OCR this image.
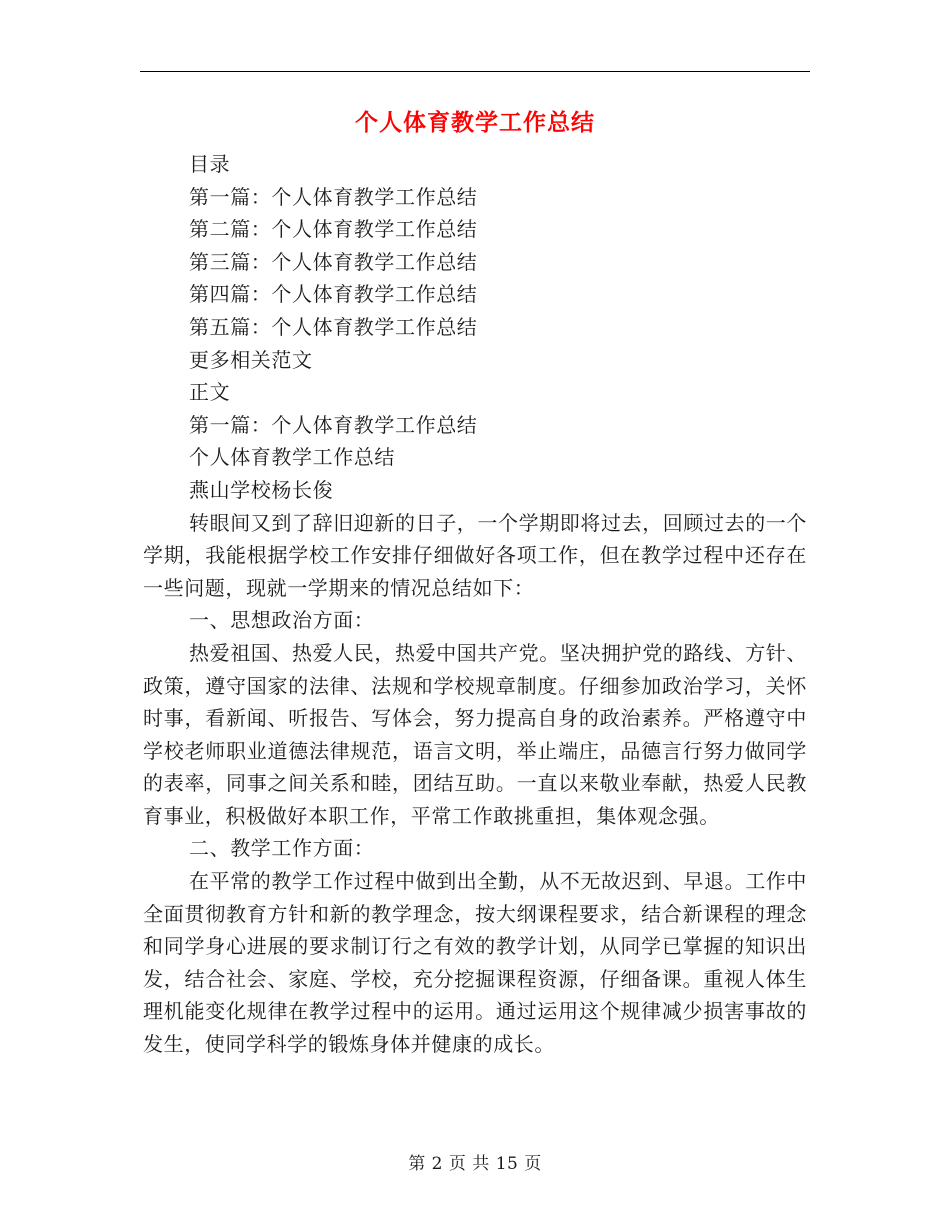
个人体育教学工作总结
目录
第一篇：个人体育教学工作总结
第二篇：个人体育教学工作总结
第三篇：个人体育教学工作总结
第四篇：个人体育教学工作总结
第五篇：个人体育教学工作总结
更多相关范文
正文
第一篇：个人体育教学工作总结
个人体育教学工作总结
燕山学校杨长俊
转眼间又到了辞旧迎新的日子，一个学期即将过去，回顾过去的一个学期，我能根据学校工作安排仔细做好各项工作，但在教学过程中还存在一些问题，现就一学期来的情况总结如下：
一、思想政治方面：
热爱祖国、热爱人民，热爱中国共产党。坚决拥护党的路线、方针、政策，遵守国家的法律、法规和学校规章制度。仔细参加政治学习，关怀时事，看新闻、听报告、写体会，努力提高自身的政治素养。严格遵守中学校老师职业道德法律规范，语言文明，举止端庄，品德言行努力做同学的表率，同事之间关系和睦，团结互助。一直以来敬业奉献，热爱人民教育事业，积极做好本职工作，平常工作敢挑重担，集体观念强。
二、教学工作方面：
在平常的教学工作过程中做到出全勤，从不无故迟到、早退。工作中全面贯彻教育方针和新的教学理念，按大纲课程要求，结合新课程的理念和同学身心进展的要求制订行之有效的教学计划，从同学已掌握的知识出发，结合社会、家庭、学校，充分挖掘课程资源，仔细备课。重视人体生理机能变化规律在教学过程中的运用。通过运用这个规律减少损害事故的发生，使同学科学的锻炼身体并健康的成长。
第 2 页 共 15 页
